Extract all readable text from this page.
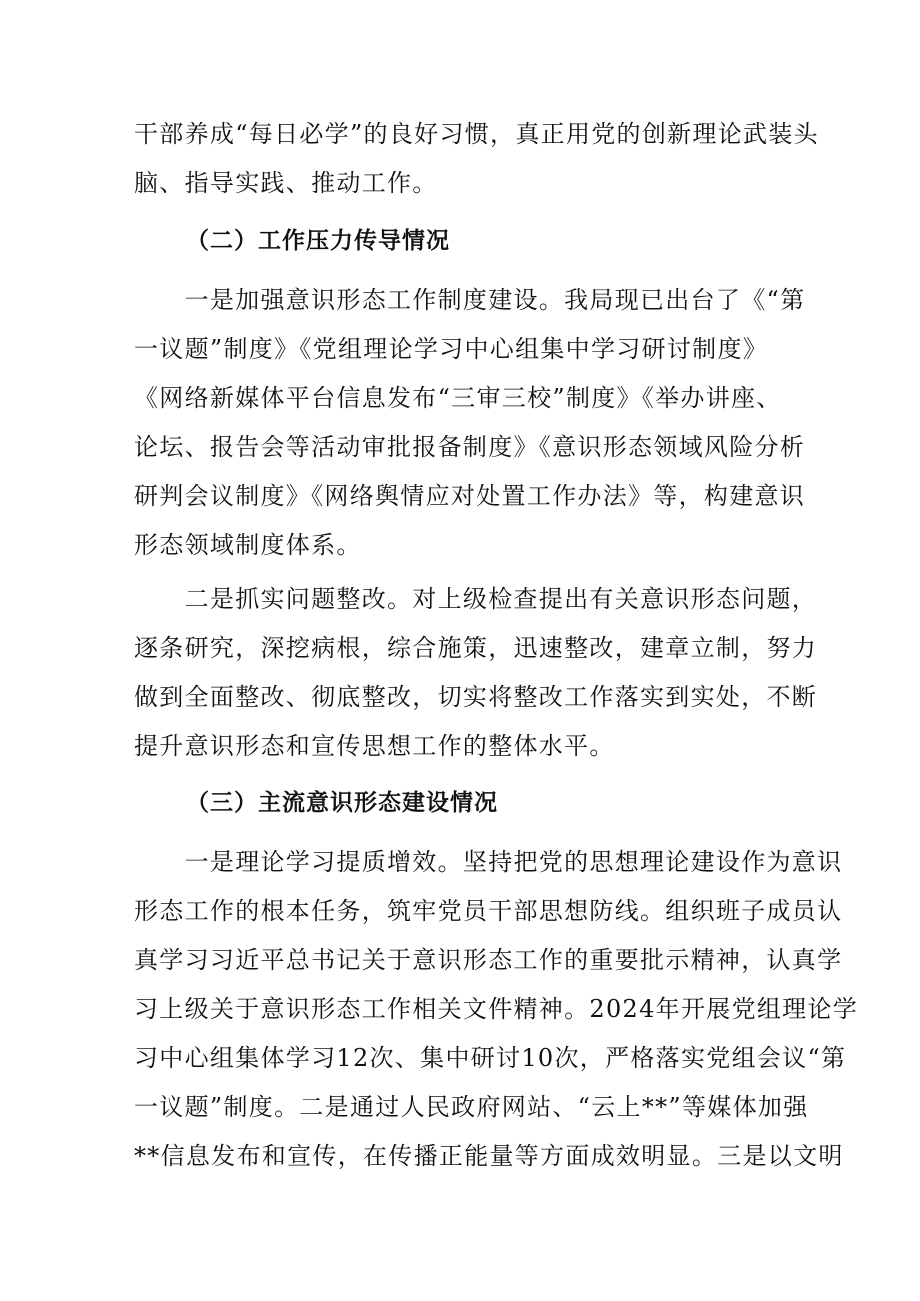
干部养成“每日必学”的良好习惯，真正用党的创新理论武装头
脑、指导实践、推动工作。
（二）工作压力传导情况
　　一是加强意识形态工作制度建设。我局现已出台了《“第
一议题”制度》《党组理论学习中心组集中学习研讨制度》
《网络新媒体平台信息发布“三审三校”制度》《举办讲座、
论坛、报告会等活动审批报备制度》《意识形态领域风险分析
研判会议制度》《网络舆情应对处置工作办法》等，构建意识
形态领域制度体系。
　　二是抓实问题整改。对上级检查提出有关意识形态问题，
逐条研究，深挖病根，综合施策，迅速整改，建章立制，努力
做到全面整改、彻底整改，切实将整改工作落实到实处，不断
提升意识形态和宣传思想工作的整体水平。
（三）主流意识形态建设情况
　　一是理论学习提质增效。坚持把党的思想理论建设作为意识
形态工作的根本任务，筑牢党员干部思想防线。组织班子成员认
真学习习近平总书记关于意识形态工作的重要批示精神，认真学
习上级关于意识形态工作相关文件精神。2024年开展党组理论学
习中心组集体学习12次、集中研讨10次，严格落实党组会议“第
一议题”制度。二是通过人民政府网站、“云上**”等媒体加强
**信息发布和宣传，在传播正能量等方面成效明显。三是以文明
